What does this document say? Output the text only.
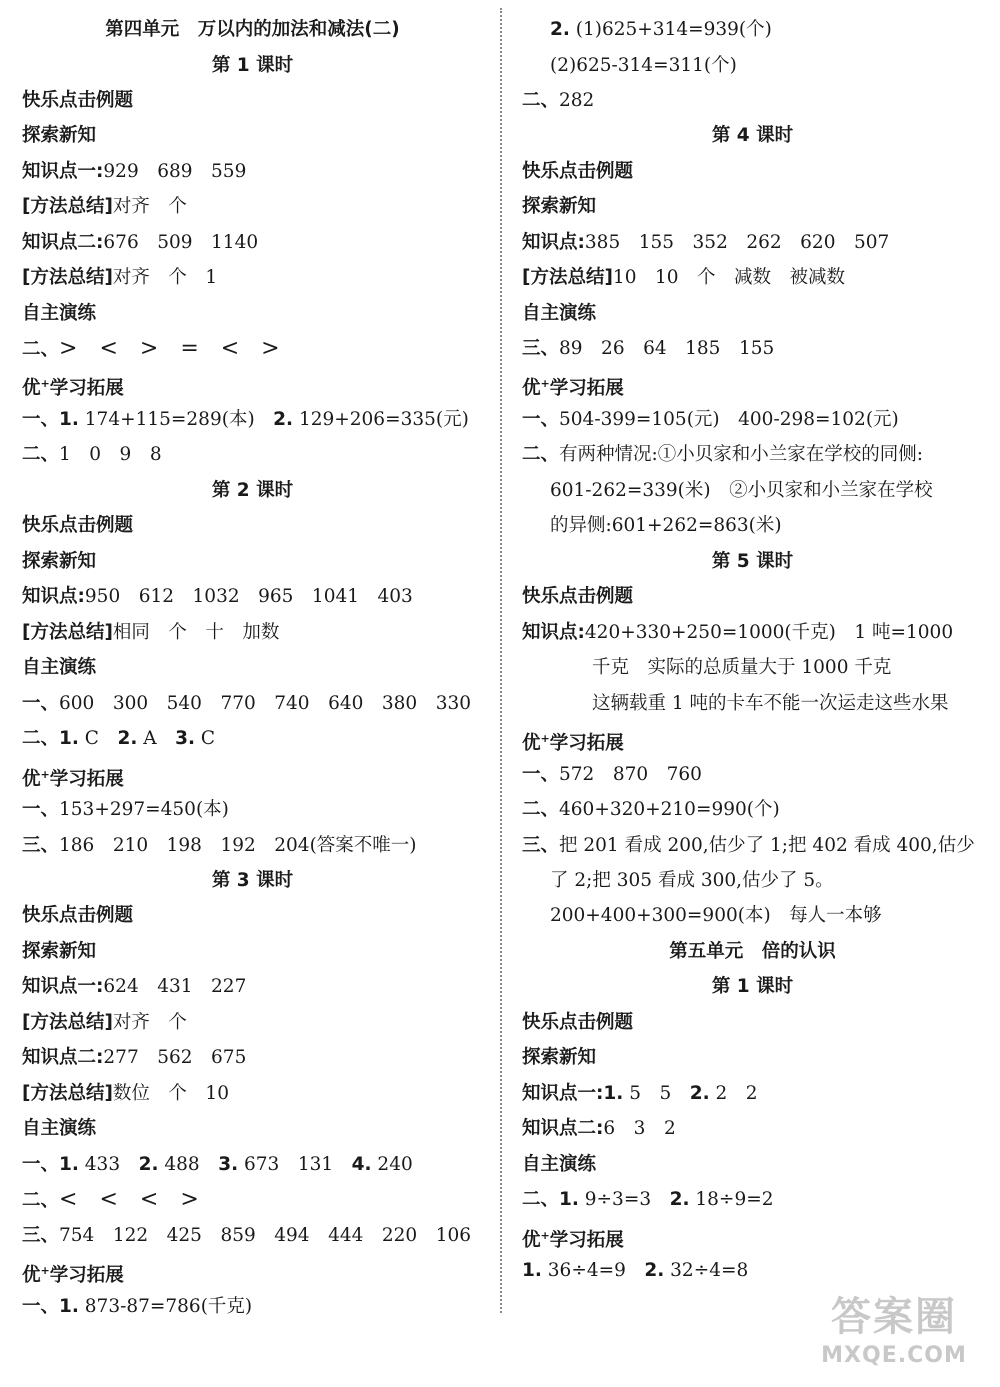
第四单元　万以内的加法和减法(二)
第 1 课时
快乐点击例题
探索新知
知识点一:929　689　559
[方法总结]对齐　个
知识点二:676　509　1140
[方法总结]对齐　个　1
自主演练
二、>　<　>　=　<　>
优+学习拓展
一、1. 174+115=289(本)　2. 129+206=335(元)
二、1　0　9　8
第 2 课时
快乐点击例题
探索新知
知识点:950　612　1032　965　1041　403
[方法总结]相同　个　十　加数
自主演练
一、600　300　540　770　740　640　380　330
二、1. C　2. A　3. C
优+学习拓展
一、153+297=450(本)
三、186　210　198　192　204(答案不唯一)
第 3 课时
快乐点击例题
探索新知
知识点一:624　431　227
[方法总结]对齐　个
知识点二:277　562　675
[方法总结]数位　个　10
自主演练
一、1. 433　2. 488　3. 673　131　4. 240
二、<　<　<　>
三、754　122　425　859　494　444　220　106
优+学习拓展
一、1. 873-87=786(千克)
2. (1)625+314=939(个)
(2)625-314=311(个)
二、282
第 4 课时
快乐点击例题
探索新知
知识点:385　155　352　262　620　507
[方法总结]10　10　个　减数　被减数
自主演练
三、89　26　64　185　155
优+学习拓展
一、504-399=105(元)　400-298=102(元)
二、有两种情况:①小贝家和小兰家在学校的同侧:
601-262=339(米)　②小贝家和小兰家在学校
的异侧:601+262=863(米)
第 5 课时
快乐点击例题
知识点:420+330+250=1000(千克)　1 吨=1000
千克　实际的总质量大于 1000 千克
这辆载重 1 吨的卡车不能一次运走这些水果
优+学习拓展
一、572　870　760
二、460+320+210=990(个)
三、把 201 看成 200,估少了 1;把 402 看成 400,估少
了 2;把 305 看成 300,估少了 5。
200+400+300=900(本)　每人一本够
第五单元　倍的认识
第 1 课时
快乐点击例题
探索新知
知识点一:1. 5　5　2. 2　2
知识点二:6　3　2
自主演练
二、1. 9÷3=3　2. 18÷9=2
优+学习拓展
1. 36÷4=9　2. 32÷4=8
答案圈
MXQE.COM
